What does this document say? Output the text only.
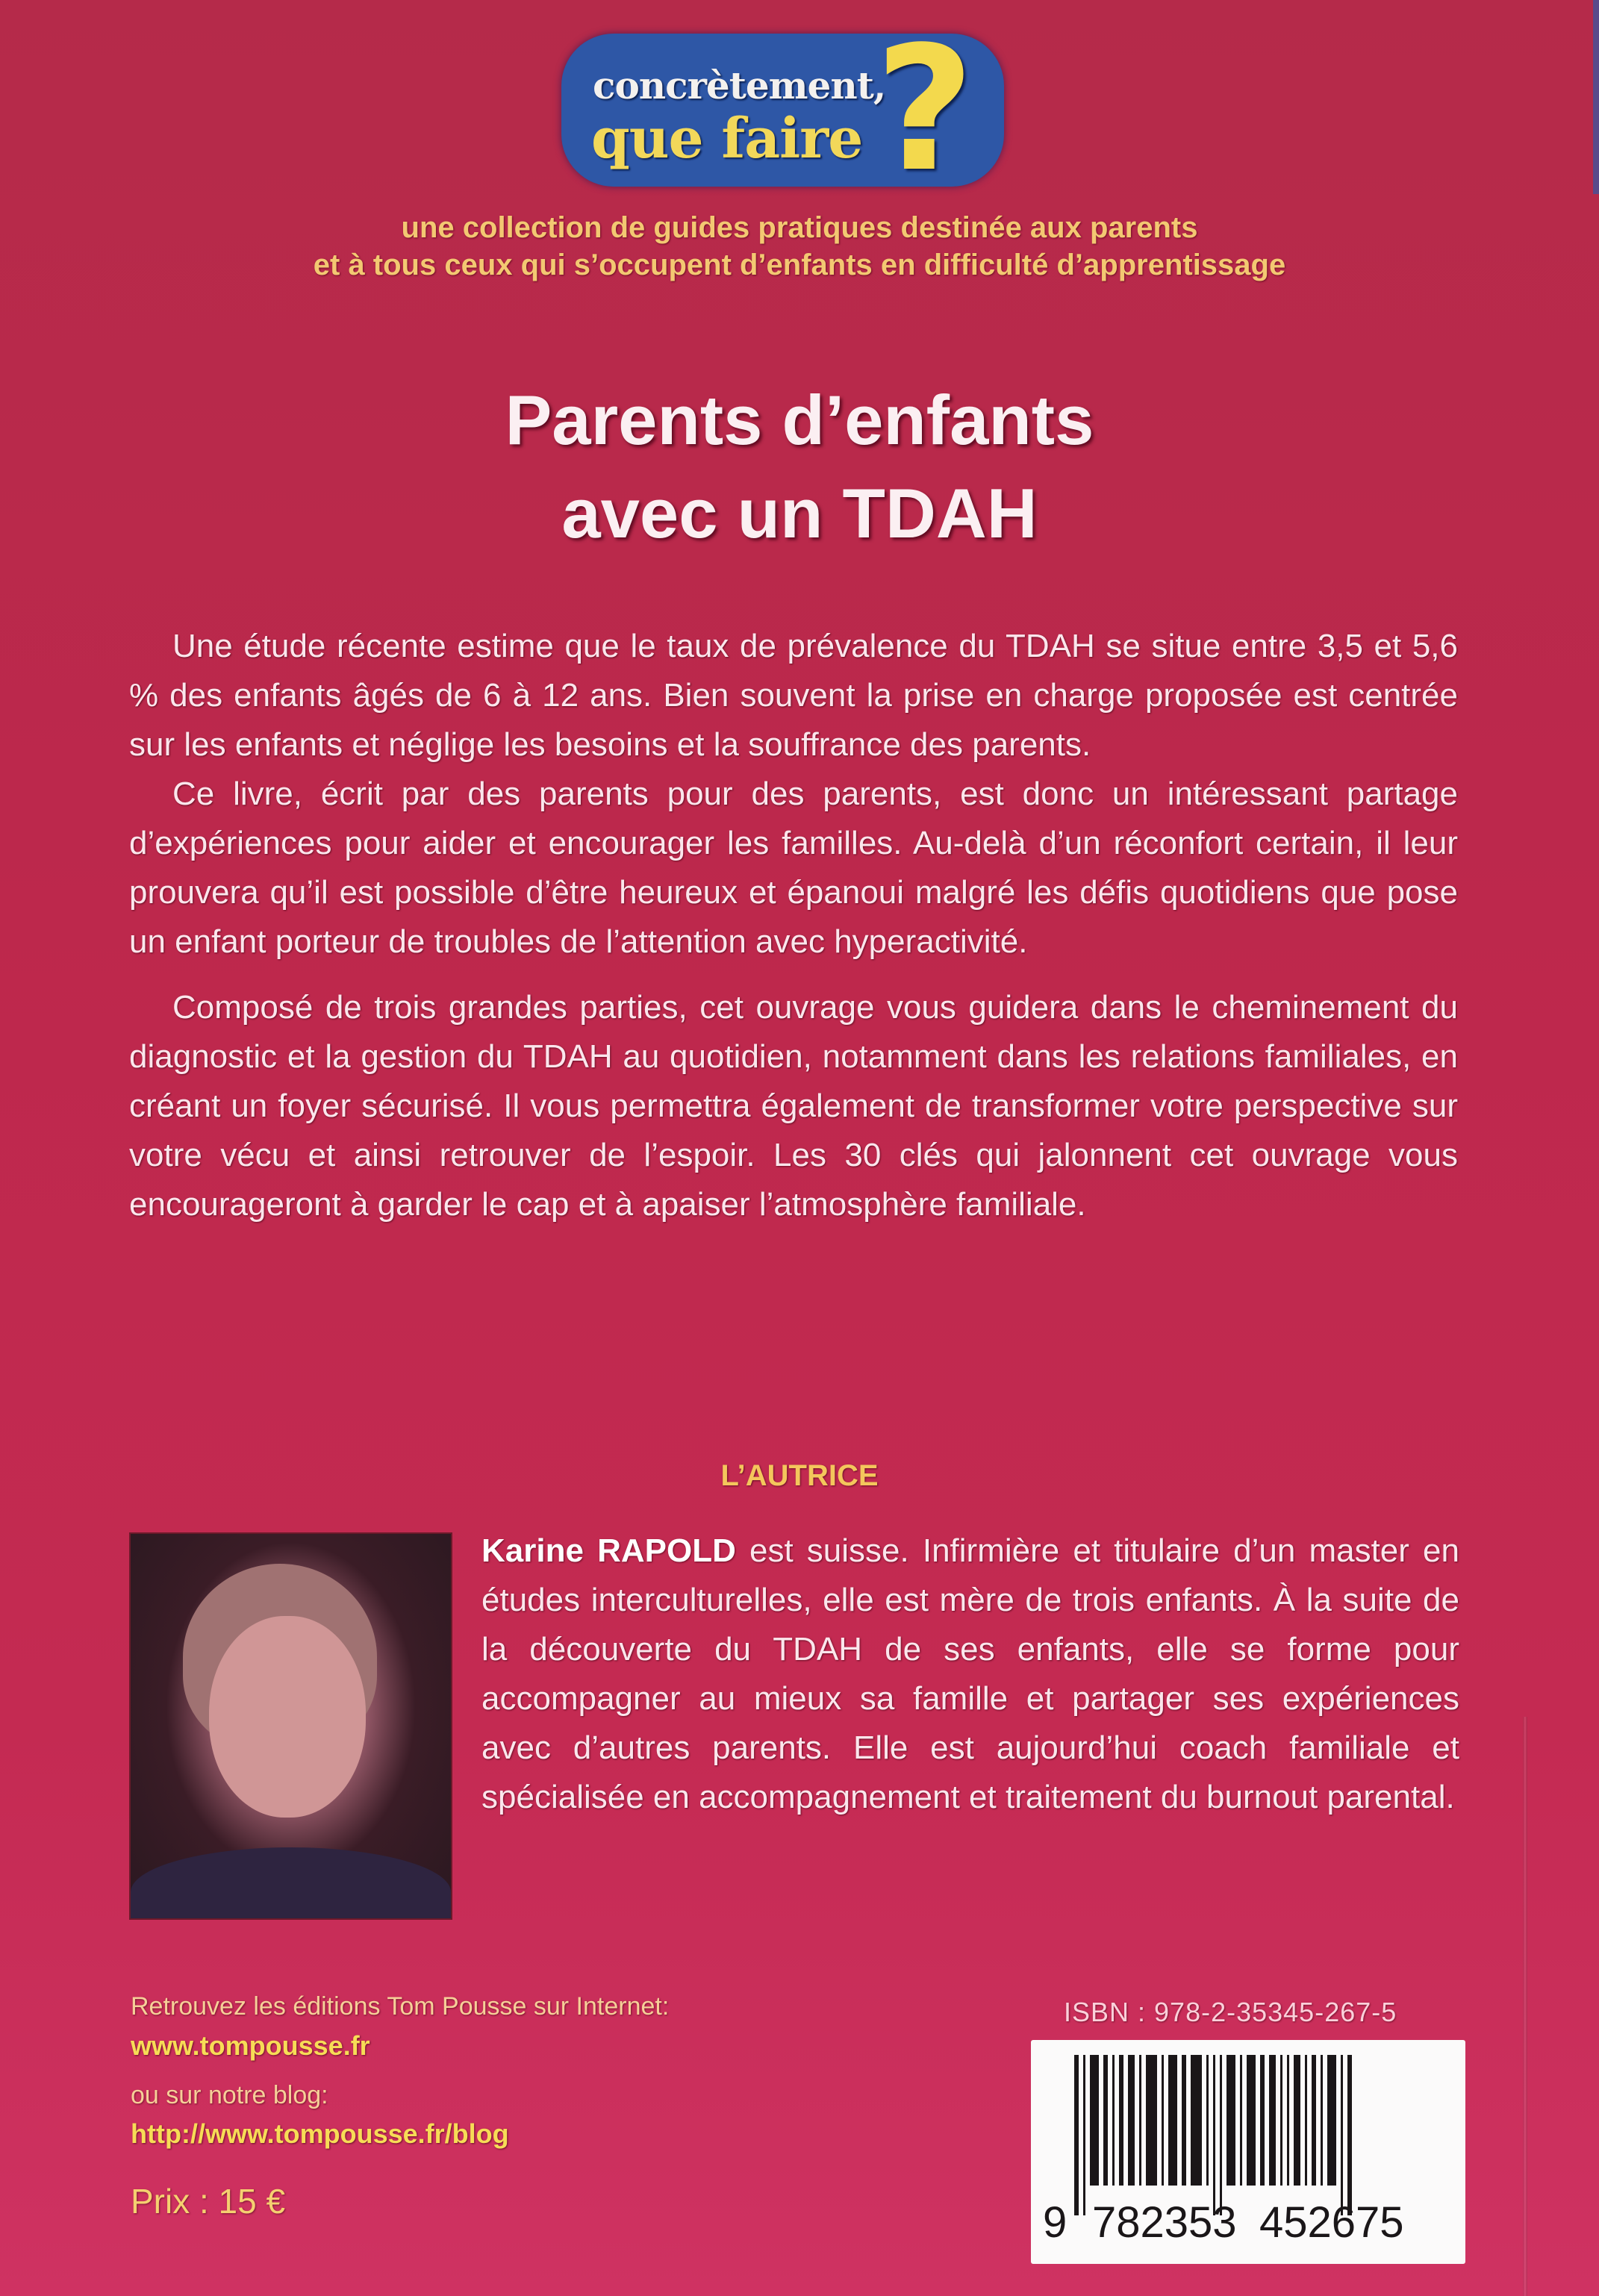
concrètement,
que faire ?
une collection de guides pratiques destinée aux parents
et à tous ceux qui s’occupent d’enfants en difficulté d’apprentissage
Parents d’enfants
avec un TDAH

Une étude récente estime que le taux de prévalence du TDAH se situe entre 3,5 et 5,6 % des enfants âgés de 6 à 12 ans. Bien souvent la prise en charge proposée est centrée sur les enfants et néglige les besoins et la souffrance des parents.

Ce livre, écrit par des parents pour des parents, est donc un intéressant partage d’expériences pour aider et encourager les familles. Au-delà d’un réconfort certain, il leur prouvera qu’il est possible d’être heureux et épanoui malgré les défis quotidiens que pose un enfant porteur de troubles de l’attention avec hyperactivité.

Composé de trois grandes parties, cet ouvrage vous guidera dans le cheminement du diagnostic et la gestion du TDAH au quotidien, notamment dans les relations familiales, en créant un foyer sécurisé. Il vous permettra également de transformer votre perspective sur votre vécu et ainsi retrouver de l’espoir. Les 30 clés qui jalonnent cet ouvrage vous encourageront à garder le cap et à apaiser l’atmosphère familiale.

L’AUTRICE
Karine RAPOLD est suisse. Infirmière et titulaire d’un master en études interculturelles, elle est mère de trois enfants. À la suite de la découverte du TDAH de ses enfants, elle se forme pour accompagner au mieux sa famille et partager ses expériences avec d’autres parents. Elle est aujourd’hui coach familiale et spécialisée en accompagnement et traitement du burnout parental.
Retrouvez les éditions Tom Pousse sur Internet:
www.tompousse.fr
ou sur notre blog:
http://www.tompousse.fr/blog
Prix : 15 €
ISBN : 978-2-35345-267-5
9 782353 452675
